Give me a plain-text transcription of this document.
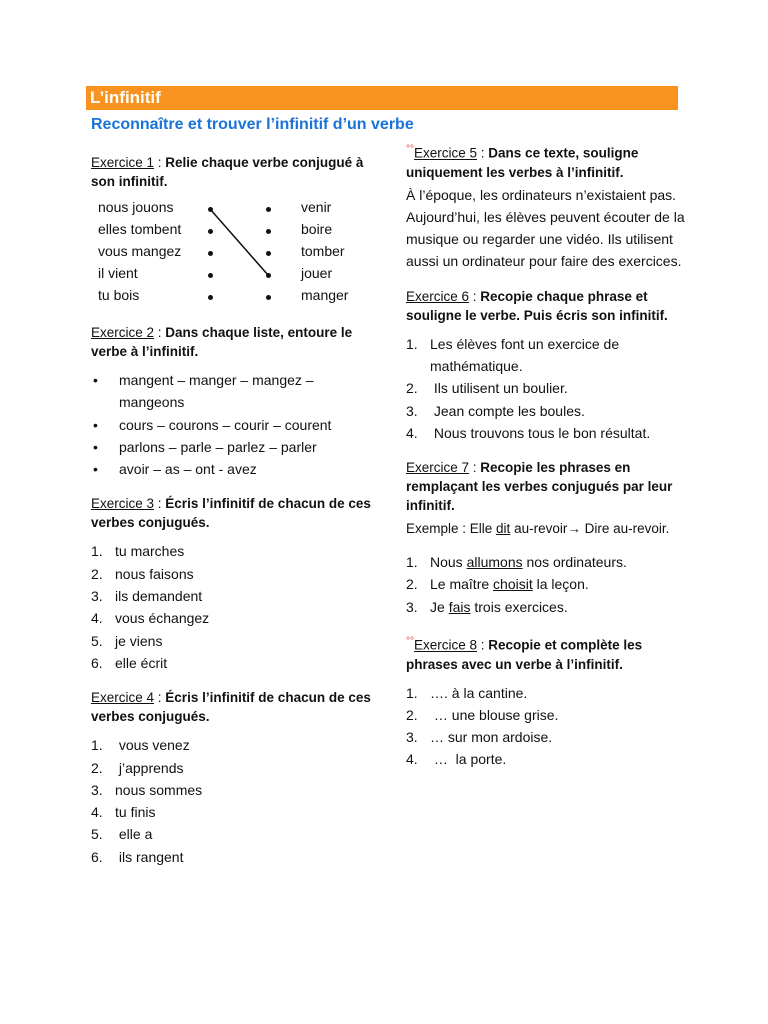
L’infinitif
Reconnaître et trouver l’infinitif d’un verbe

Exercice 1 : Relie chaque verbe conjugué à son infinitif.

nous jouons
elles tombent
vous mangez
il vient
tu bois
venir
boire
tomber
jouer
manger

Exercice 2 : Dans chaque liste, entoure le verbe à l’infinitif.

•	mangent – manger – mangez – mangeons
•	cours – courons – courir – courent
•	parlons – parle – parlez – parler
•	avoir – as – ont - avez

Exercice 3 : Écris l’infinitif de chacun de ces verbes conjugués.

1. tu marches
2. nous faisons
3. ils demandent
4. vous échangez
5. je viens
6. elle écrit

Exercice 4 : Écris l’infinitif de chacun de ces verbes conjugués.

1. vous venez
2. j’apprends
3. nous sommes
4. tu finis
5. elle a
6. ils rangent

°°Exercice 5 : Dans ce texte, souligne uniquement les verbes à l’infinitif.

À l’époque, les ordinateurs n’existaient pas. Aujourd’hui, les élèves peuvent écouter de la musique ou regarder une vidéo. Ils utilisent aussi un ordinateur pour faire des exercices.

Exercice 6 : Recopie chaque phrase et souligne le verbe. Puis écris son infinitif.

1. Les élèves font un exercice de mathématique.
2. Ils utilisent un boulier.
3. Jean compte les boules.
4. Nous trouvons tous le bon résultat.

Exercice 7 : Recopie les phrases en remplaçant les verbes conjugués par leur infinitif.

Exemple : Elle dit au-revoir→ Dire au-revoir.

1. Nous allumons nos ordinateurs.
2. Le maître choisit la leçon.
3. Je fais trois exercices.

°°Exercice 8 : Recopie et complète les phrases avec un verbe à l’infinitif.

1. …. à la cantine.
2. … une blouse grise.
3. … sur mon ardoise.
4. …  la porte.
